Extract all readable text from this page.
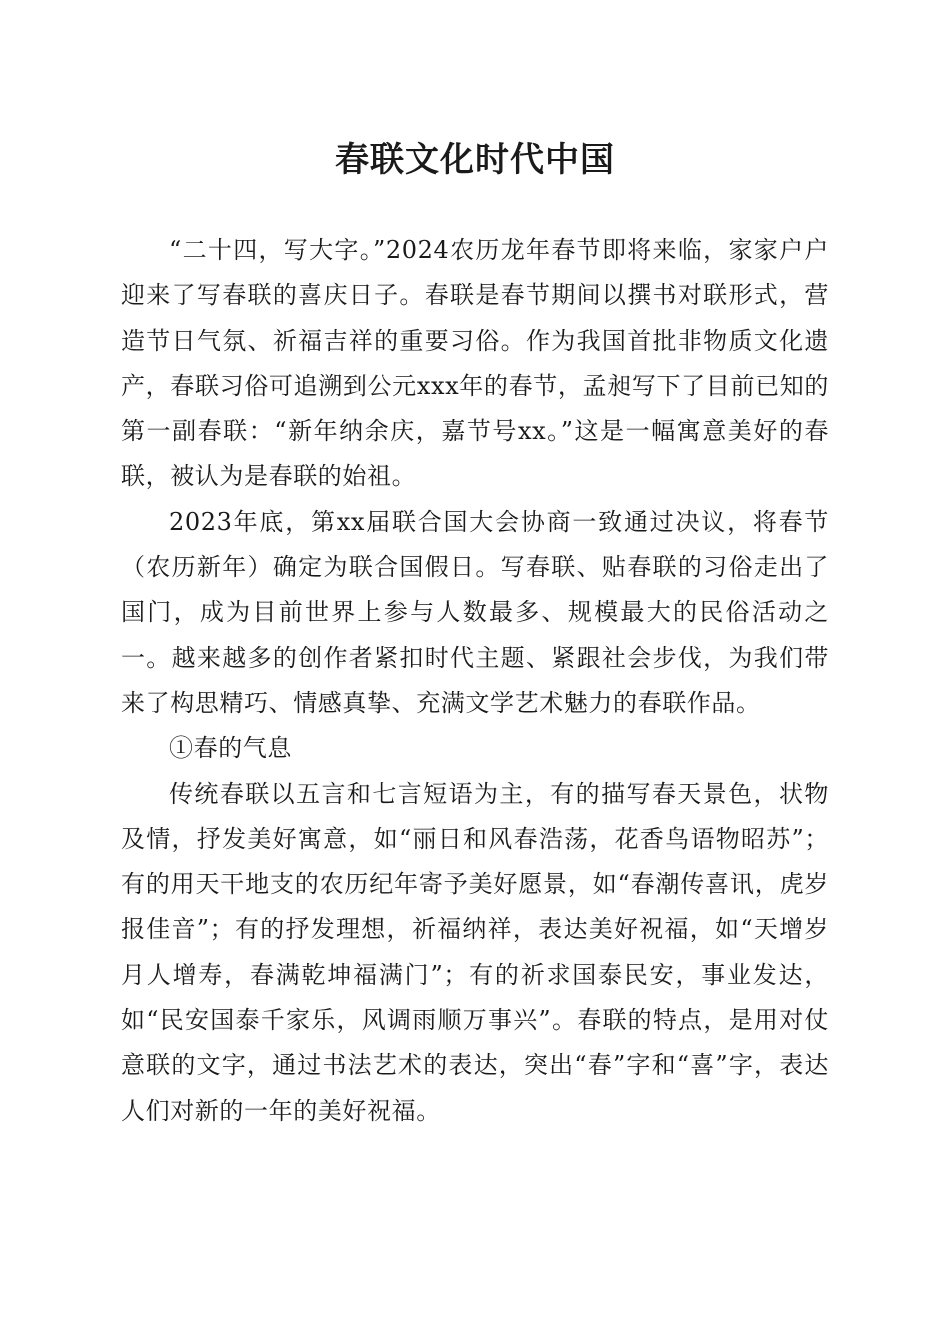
春联文化时代中国

“二十四，写大字。”2024农历龙年春节即将来临，家家户户迎来了写春联的喜庆日子。春联是春节期间以撰书对联形式，营造节日气氛、祈福吉祥的重要习俗。作为我国首批非物质文化遗产，春联习俗可追溯到公元xxx年的春节，孟昶写下了目前已知的第一副春联：“新年纳余庆，嘉节号xx。”这是一幅寓意美好的春联，被认为是春联的始祖。

2023年底，第xx届联合国大会协商一致通过决议，将春节（农历新年）确定为联合国假日。写春联、贴春联的习俗走出了国门，成为目前世界上参与人数最多、规模最大的民俗活动之一。越来越多的创作者紧扣时代主题、紧跟社会步伐，为我们带来了构思精巧、情感真挚、充满文学艺术魅力的春联作品。

①春的气息

传统春联以五言和七言短语为主，有的描写春天景色，状物及情，抒发美好寓意，如“丽日和风春浩荡，花香鸟语物昭苏”；有的用天干地支的农历纪年寄予美好愿景，如“春潮传喜讯，虎岁报佳音”；有的抒发理想，祈福纳祥，表达美好祝福，如“天增岁月人增寿，春满乾坤福满门”；有的祈求国泰民安，事业发达，如“民安国泰千家乐，风调雨顺万事兴”。春联的特点，是用对仗意联的文字，通过书法艺术的表达，突出“春”字和“喜”字，表达人们对新的一年的美好祝福。
